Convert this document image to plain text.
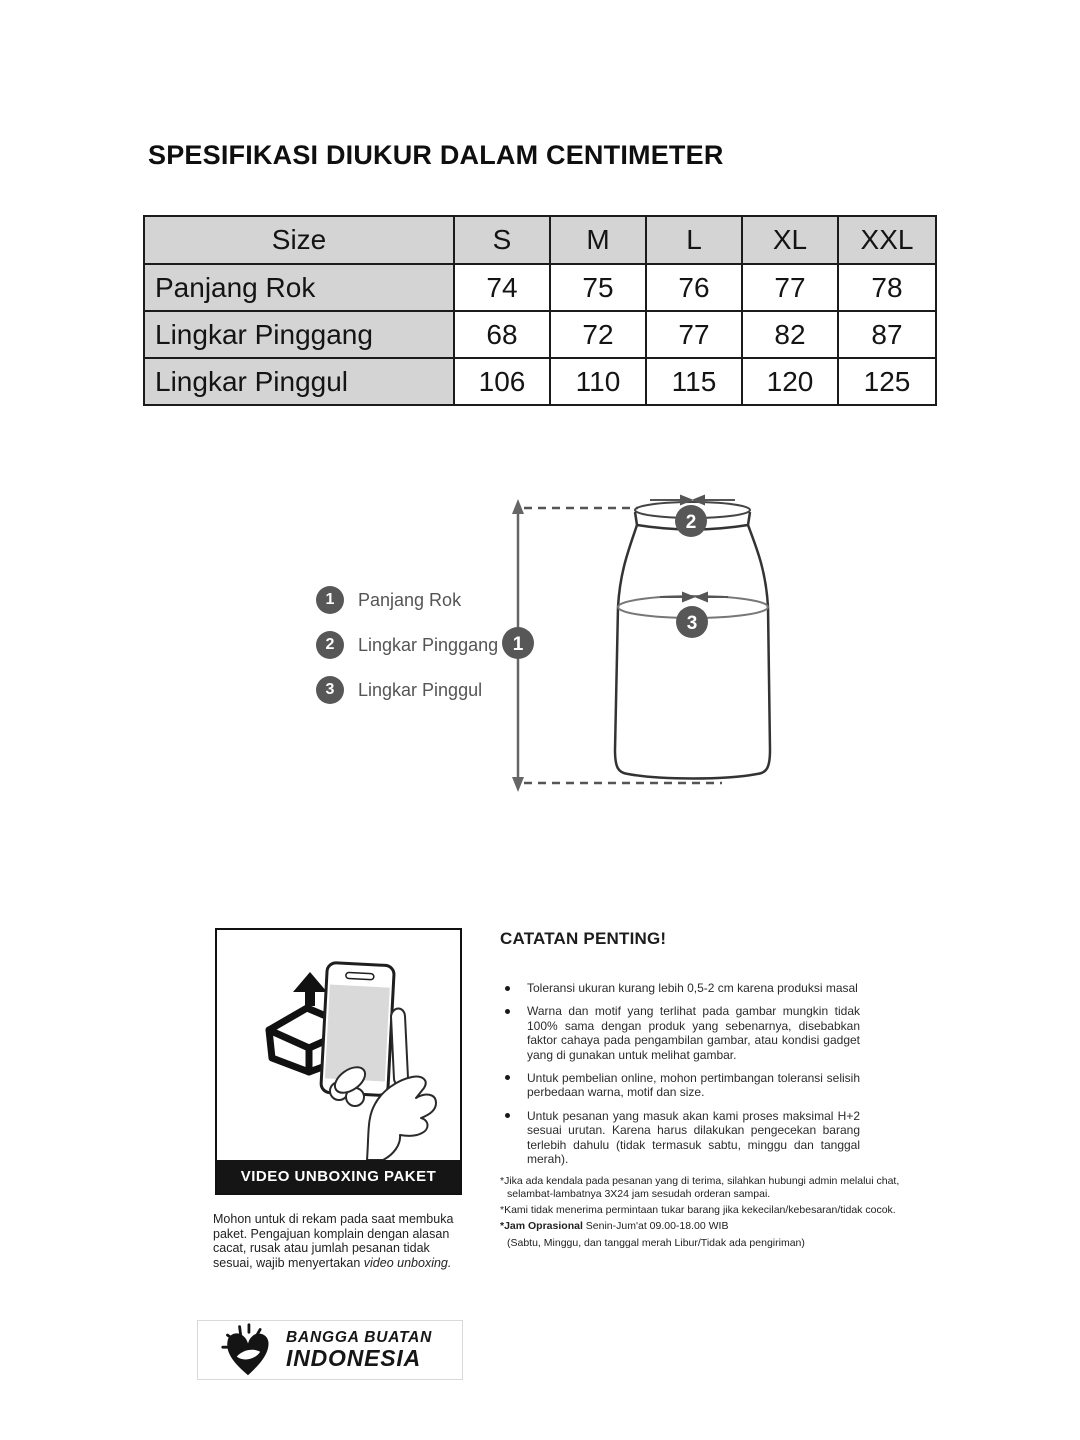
SPESIFIKASI DIUKUR DALAM CENTIMETER
Size	S	M	L	XL	XXL
Panjang Rok	74	75	76	77	78
Lingkar Pinggang	68	72	77	82	87
Lingkar Pinggul	106	110	115	120	125
1	Panjang Rok
2	Lingkar Pinggang
3	Lingkar Pinggul
2
3
1
VIDEO UNBOXING PAKET
Mohon untuk di rekam pada saat membuka paket. Pengajuan komplain dengan alasan cacat, rusak atau jumlah pesanan tidak sesuai, wajib menyertakan video unboxing.
CATATAN PENTING!
Toleransi ukuran kurang lebih 0,5-2 cm karena produksi masal
Warna dan motif yang terlihat pada gambar mungkin tidak 100% sama dengan produk yang sebenarnya, disebabkan faktor cahaya pada pengambilan gambar, atau kondisi gadget yang di gunakan untuk melihat gambar.
Untuk pembelian online, mohon pertimbangan toleransi selisih perbedaan warna, motif dan size.
Untuk pesanan yang masuk akan kami proses maksimal H+2 sesuai urutan. Karena harus dilakukan pengecekan barang terlebih dahulu (tidak termasuk sabtu, minggu dan tanggal merah).
*Jika ada kendala pada pesanan yang di terima, silahkan hubungi admin melalui chat, selambat-lambatnya 3X24 jam sesudah orderan sampai.
*Kami tidak menerima permintaan tukar barang jika kekecilan/kebesaran/tidak cocok.
*Jam Oprasional Senin-Jum'at 09.00-18.00 WIB
(Sabtu, Minggu, dan tanggal merah Libur/Tidak ada pengiriman)
BANGGA BUATAN
INDONESIA
